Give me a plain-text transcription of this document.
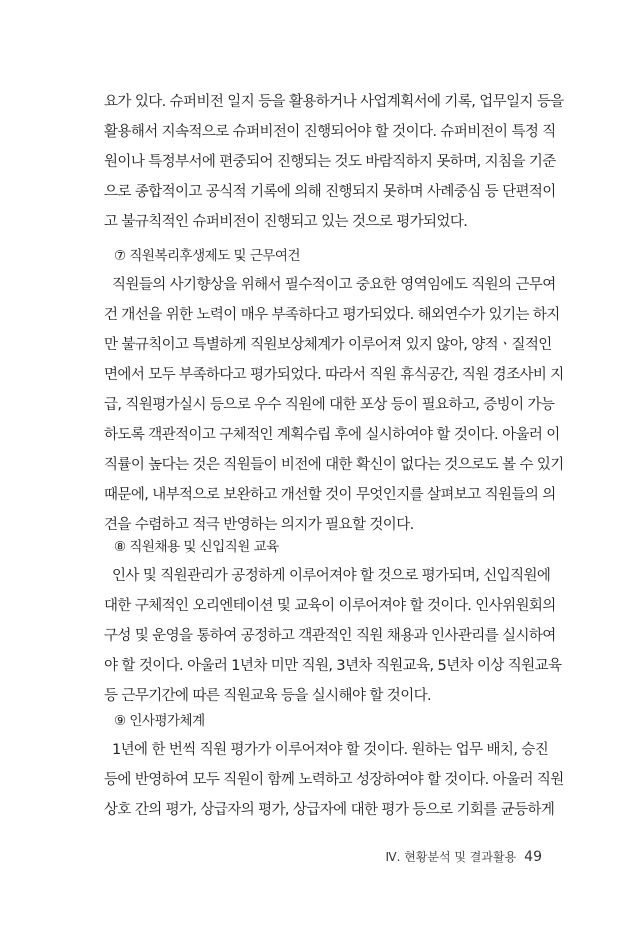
요가 있다. 슈퍼비전 일지 등을 활용하거나 사업계획서에 기록, 업무일지 등을
활용해서 지속적으로 슈퍼비전이 진행되어야 할 것이다. 슈퍼비전이 특정 직
원이나 특정부서에 편중되어 진행되는 것도 바람직하지 못하며, 지침을 기준
으로 종합적이고 공식적 기록에 의해 진행되지 못하며 사례중심 등 단편적이
고 불규칙적인 슈퍼비전이 진행되고 있는 것으로 평가되었다.
⑦ 직원복리후생제도 및 근무여건
직원들의 사기향상을 위해서 필수적이고 중요한 영역임에도 직원의 근무여
건 개선을 위한 노력이 매우 부족하다고 평가되었다. 해외연수가 있기는 하지
만 불규칙이고 특별하게 직원보상체계가 이루어져 있지 않아, 양적ㆍ질적인
면에서 모두 부족하다고 평가되었다. 따라서 직원 휴식공간, 직원 경조사비 지
급, 직원평가실시 등으로 우수 직원에 대한 포상 등이 필요하고, 증빙이 가능
하도록 객관적이고 구체적인 계획수립 후에 실시하여야 할 것이다. 아울러 이
직률이 높다는 것은 직원들이 비전에 대한 확신이 없다는 것으로도 볼 수 있기
때문에, 내부적으로 보완하고 개선할 것이 무엇인지를 살펴보고 직원들의 의
견을 수렴하고 적극 반영하는 의지가 필요할 것이다.
⑧ 직원채용 및 신입직원 교육
인사 및 직원관리가 공정하게 이루어져야 할 것으로 평가되며, 신입직원에
대한 구체적인 오리엔테이션 및 교육이 이루어져야 할 것이다. 인사위원회의
구성 및 운영을 통하여 공정하고 객관적인 직원 채용과 인사관리를 실시하여
야 할 것이다. 아울러 1년차 미만 직원, 3년차 직원교육, 5년차 이상 직원교육
등 근무기간에 따른 직원교육 등을 실시해야 할 것이다.
⑨ 인사평가체계
1년에 한 번씩 직원 평가가 이루어져야 할 것이다. 원하는 업무 배치, 승진
등에 반영하여 모두 직원이 함께 노력하고 성장하여야 할 것이다. 아울러 직원
상호 간의 평가, 상급자의 평가, 상급자에 대한 평가 등으로 기회를 균등하게
Ⅳ. 현황분석 및 결과활용 49
